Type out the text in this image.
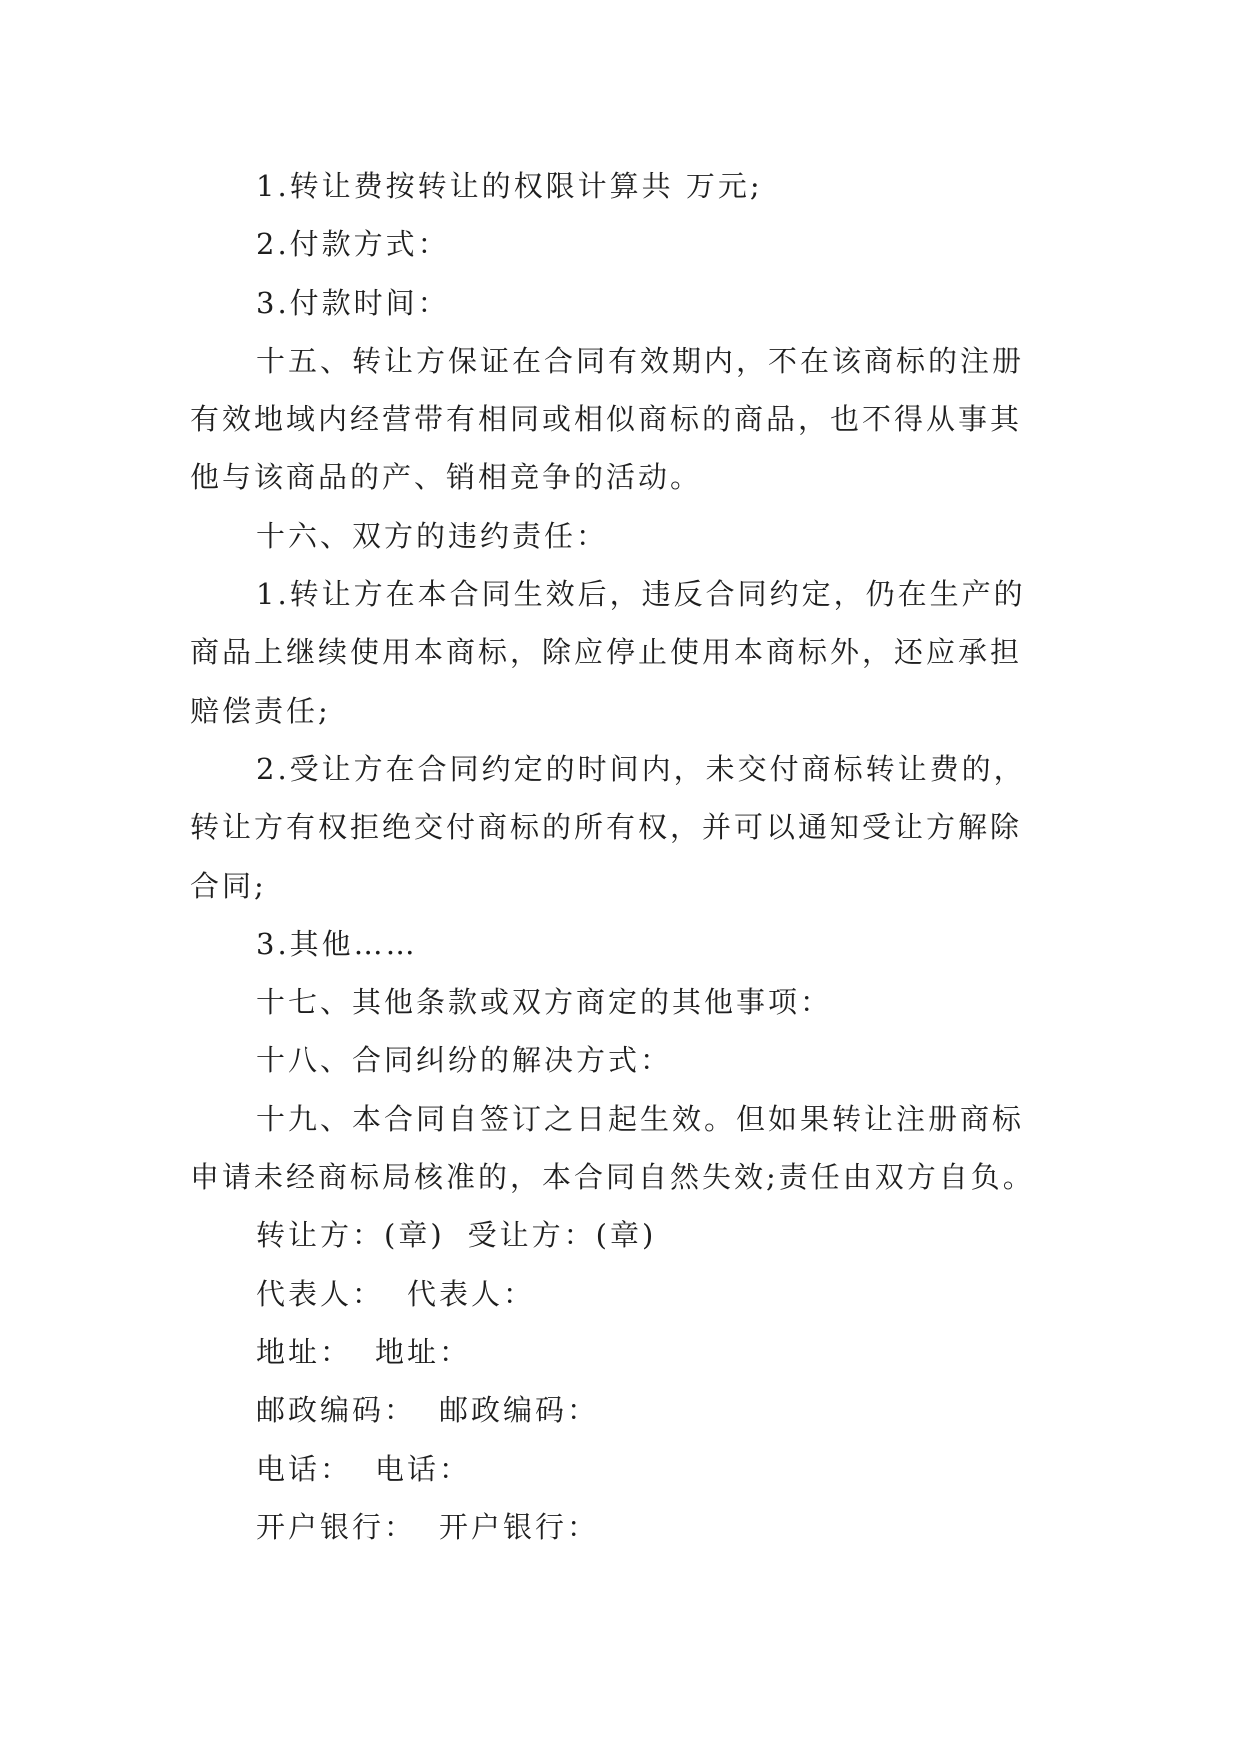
1.转让费按转让的权限计算共 万元;

2.付款方式：

3.付款时间：

十五、转让方保证在合同有效期内，不在该商标的注册
有效地域内经营带有相同或相似商标的商品，也不得从事其
他与该商品的产、销相竞争的活动。

十六、双方的违约责任：

1.转让方在本合同生效后，违反合同约定，仍在生产的
商品上继续使用本商标，除应停止使用本商标外，还应承担
赔偿责任;

2.受让方在合同约定的时间内，未交付商标转让费的，
转让方有权拒绝交付商标的所有权，并可以通知受让方解除
合同;

3.其他……

十七、其他条款或双方商定的其他事项：

十八、合同纠纷的解决方式：

十九、本合同自签订之日起生效。但如果转让注册商标
申请未经商标局核准的，本合同自然失效;责任由双方自负。

转让方：(章) 受让方：(章)
代表人： 代表人：
地址： 地址：
邮政编码： 邮政编码：
电话： 电话：
开户银行： 开户银行：
